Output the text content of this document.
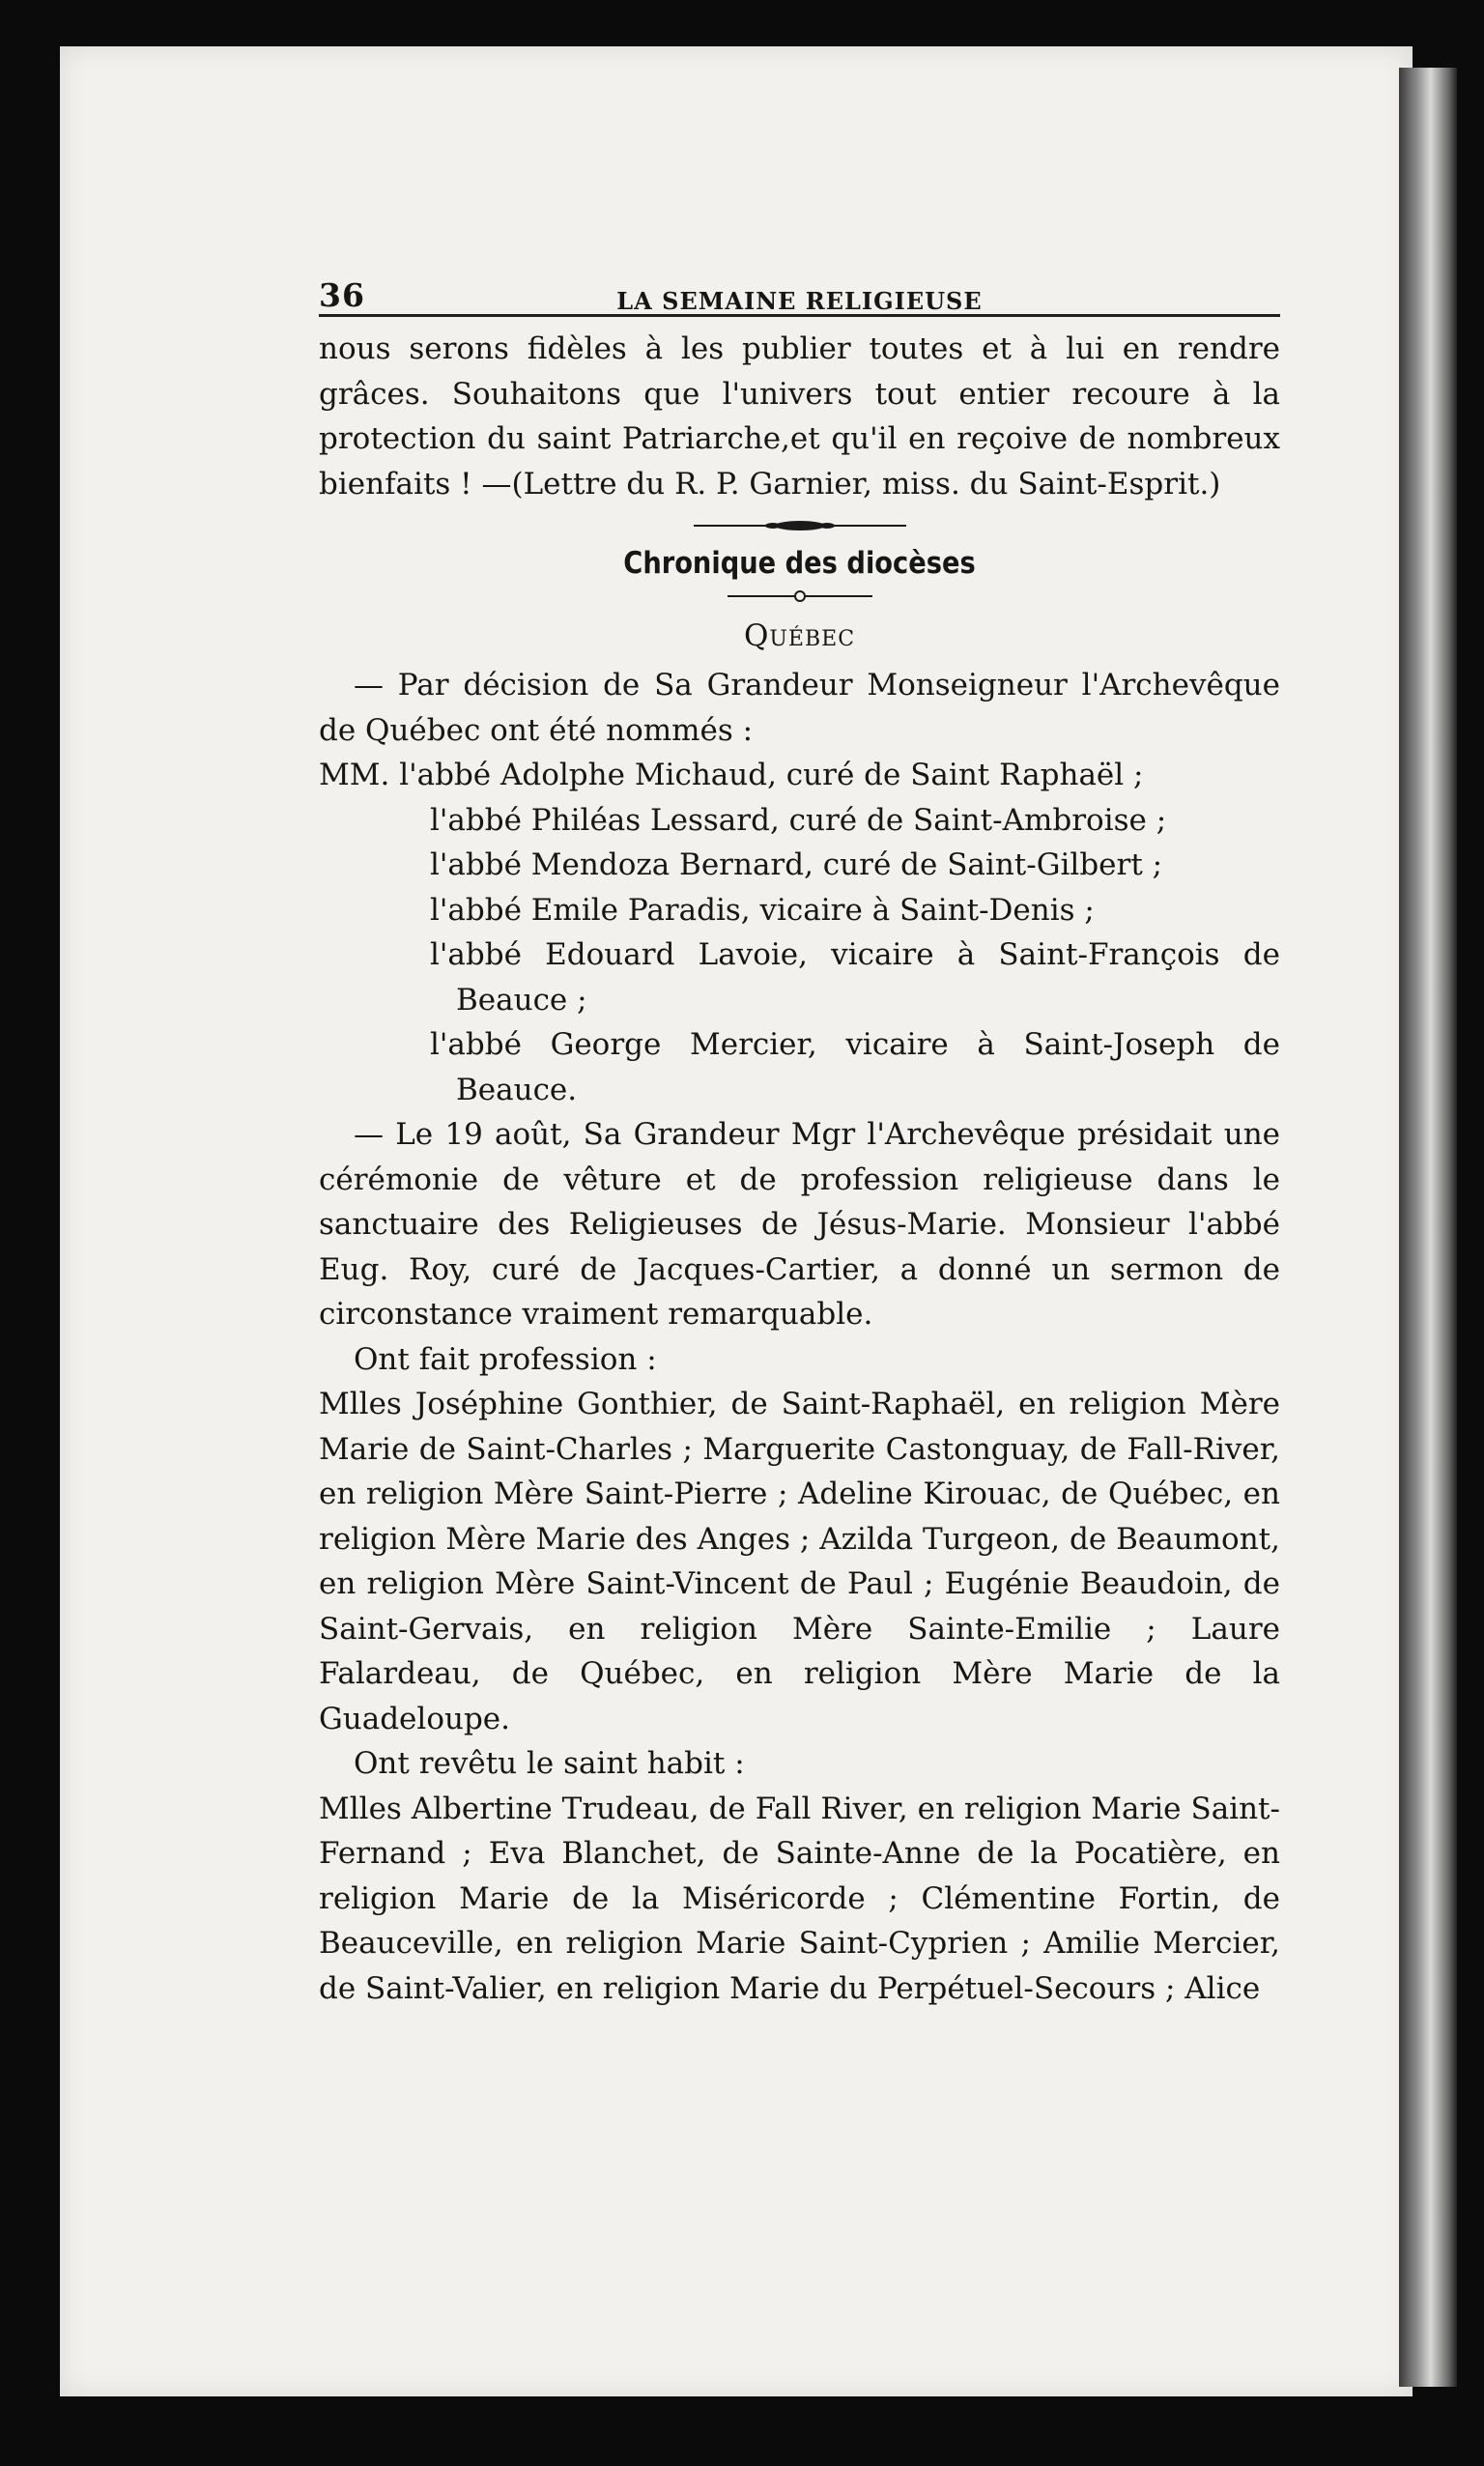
36	LA SEMAINE RELIGIEUSE

nous serons fidèles à les publier toutes et à lui en rendre grâces. Souhaitons que l'univers tout entier recoure à la protection du saint Patriarche,et qu'il en reçoive de nombreux bienfaits ! —(Lettre du R. P. Garnier, miss. du Saint-Esprit.)

Chronique des diocèses
Québec

— Par décision de Sa Grandeur Monseigneur l'Archevêque de Québec ont été nommés :

MM. l'abbé Adolphe Michaud, curé de Saint Raphaël ;

l'abbé Philéas Lessard, curé de Saint-Ambroise ;

l'abbé Mendoza Bernard, curé de Saint-Gilbert ;

l'abbé Emile Paradis, vicaire à Saint-Denis ;

l'abbé Edouard Lavoie, vicaire à Saint-François de

Beauce ;

l'abbé George Mercier, vicaire à Saint-Joseph de

Beauce.

— Le 19 août, Sa Grandeur Mgr l'Archevêque présidait une cérémonie de vêture et de profession religieuse dans le sanctuaire des Religieuses de Jésus-Marie. Monsieur l'abbé Eug. Roy, curé de Jacques-Cartier, a donné un sermon de circonstance vraiment remarquable.

Ont fait profession :

Mlles Joséphine Gonthier, de Saint-Raphaël, en religion Mère Marie de Saint-Charles ; Marguerite Castonguay, de Fall-River, en religion Mère Saint-Pierre ; Adeline Kirouac, de Québec, en religion Mère Marie des Anges ; Azilda Turgeon, de Beaumont, en religion Mère Saint-Vincent de Paul ; Eugénie Beaudoin, de Saint-Gervais, en religion Mère Sainte-Emilie ; Laure Falardeau, de Québec, en religion Mère Marie de la Guadeloupe.

Ont revêtu le saint habit :

Mlles Albertine Trudeau, de Fall River, en religion Marie Saint-Fernand ; Eva Blanchet, de Sainte-Anne de la Pocatière, en religion Marie de la Miséricorde ; Clémentine Fortin, de Beauceville, en religion Marie Saint-Cyprien ; Amilie Mercier, de Saint-Valier, en religion Marie du Perpétuel-Secours ; Alice
